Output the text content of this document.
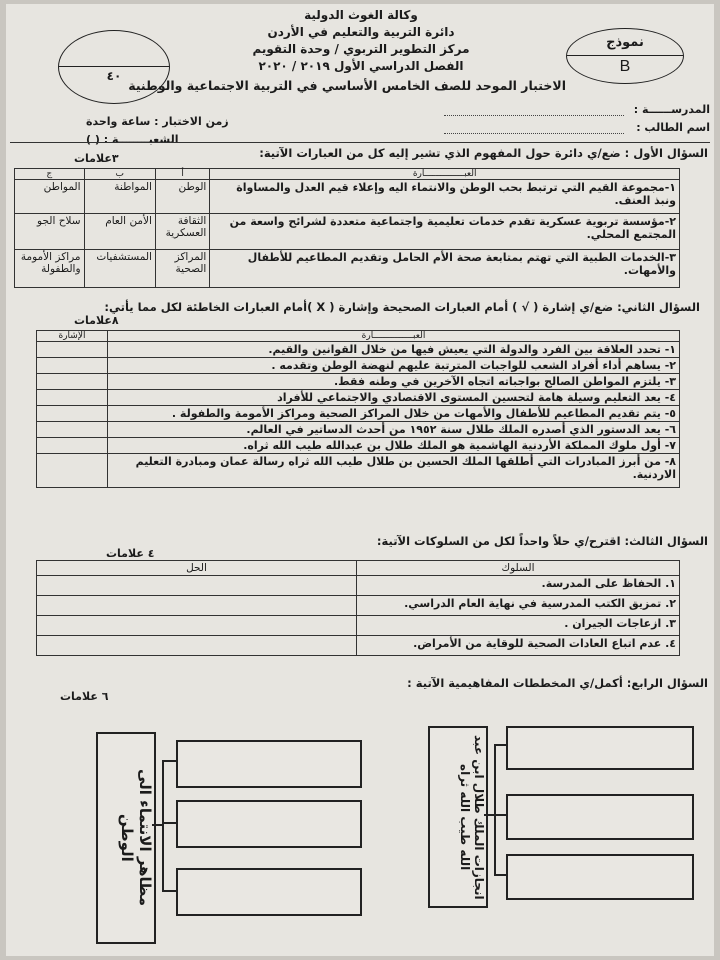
وكالة الغوث الدولية
دائرة التربية والتعليم في الأردن
مركز التطوير التربوي / وحدة التقويم
الفصل الدراسي الأول ٢٠١٩ / ٢٠٢٠
الاختبار الموحد للصف الخامس الأساسي في التربية الاجتماعية والوطنية
٤٠
نموذج
B
المدرســــــة :
اسم الطالب :
زمن الاختبار : ساعة واحدة
الشعبــــــــة : ( )
السؤال الأول : ضع/ي دائرة حول المفهوم الذي تشير إليه كل من العبارات الآتية:
٣علامات
العبـــــــــــــــارة	أ	ب	ج
١-مجموعة القيم التي ترتبط بحب الوطن والانتماء اليه وإعلاء قيم العدل والمساواة ونبذ العنف.	الوطن	المواطنة	المواطن
٢-مؤسسة تربوية عسكرية تقدم خدمات تعليمية واجتماعية متعددة لشرائح واسعة من المجتمع المحلي.	الثقافة العسكرية	الأمن العام	سلاح الجو
٣-الخدمات الطبية التي تهتم بمتابعة صحة الأم الحامل وتقديم المطاعيم للأطفال والأمهات.	المراكز الصحية	المستشفيات	مراكز الأمومة والطفولة
السؤال الثاني: ضع/ي إشارة ( √ ) أمام العبارات الصحيحة وإشارة ( X )أمام العبارات الخاطئة لكل مما يأتي:
٨علامات
العبـــــــــــــــارة	الإشارة
١- تحدد العلاقة بين الفرد والدولة التي يعيش فيها من خلال القوانين والقيم.	
٢- يساهم أداء أفراد الشعب للواجبات المترتبة عليهم لنهضة الوطن وتقدمه .	
٣- يلتزم المواطن الصالح بواجباته اتجاه الآخرين في وطنه فقط.	
٤- يعد التعليم وسيلة هامة لتحسين المستوى الاقتصادي والاجتماعي للأفراد	
٥- يتم تقديم المطاعيم للأطفال والأمهات من خلال المراكز الصحية ومراكز الأمومة والطفولة .	
٦- يعد الدستور الذي أصدره الملك طلال سنة ١٩٥٢ من أحدث الدساتير في العالم.	
٧- أول ملوك المملكة الأردنية الهاشمية هو الملك طلال بن عبدالله طيب الله ثراه.	
٨- من أبرز المبادرات التي أطلقها الملك الحسين بن طلال طيب الله ثراه رسالة عمان ومبادرة التعليم الاردنية.	
السؤال الثالث: اقترح/ي حلاً واحداً لكل من السلوكات الآتية:
٤ علامات
السلوك	الحل
١. الحفاظ على المدرسة.	
٢. تمزيق الكتب المدرسية في نهاية العام الدراسي.	
٣. ازعاجات الجيران .	
٤. عدم اتباع العادات الصحية للوقاية من الأمراض.	
السؤال الرابع: أكمل/ي المخططات المفاهيمية الآتية :
٦ علامات
انجازات الملك طلال ابن عبد الله طيب الله ثراه
مظاهر الانتماء الى الوطن
